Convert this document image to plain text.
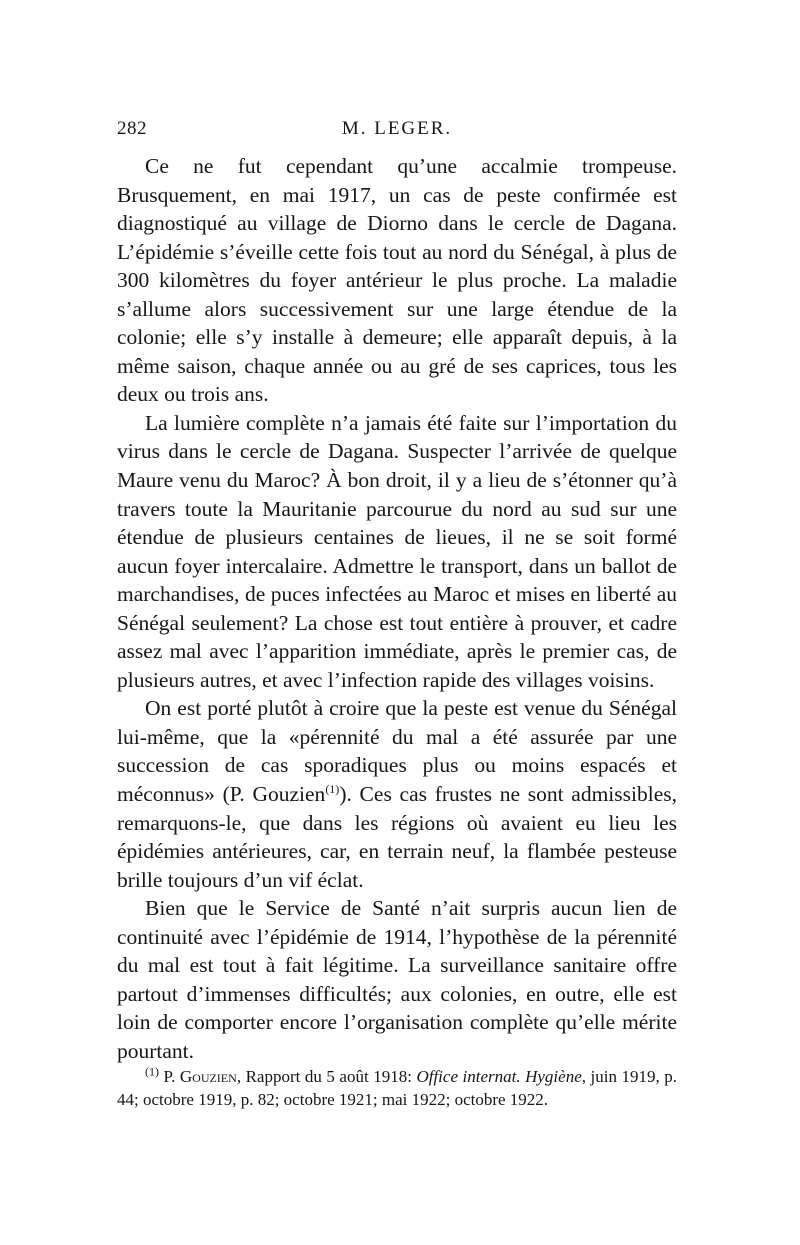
282	M. LEGER.

Ce ne fut cependant qu’une accalmie trompeuse. Brusquement, en mai 1917, un cas de peste confirmée est diagnostiqué au village de Diorno dans le cercle de Dagana. L’épidémie s’éveille cette fois tout au nord du Sénégal, à plus de 300 kilomètres du foyer antérieur le plus proche. La maladie s’allume alors successivement sur une large étendue de la colonie; elle s’y installe à demeure; elle apparaît depuis, à la même saison, chaque année ou au gré de ses caprices, tous les deux ou trois ans.

La lumière complète n’a jamais été faite sur l’importation du virus dans le cercle de Dagana. Suspecter l’arrivée de quelque Maure venu du Maroc? À bon droit, il y a lieu de s’étonner qu’à travers toute la Mauritanie parcourue du nord au sud sur une étendue de plusieurs centaines de lieues, il ne se soit formé aucun foyer intercalaire. Admettre le transport, dans un ballot de marchandises, de puces infectées au Maroc et mises en liberté au Sénégal seulement? La chose est tout entière à prouver, et cadre assez mal avec l’apparition immédiate, après le premier cas, de plusieurs autres, et avec l’infection rapide des villages voisins.

On est porté plutôt à croire que la peste est venue du Sénégal lui-même, que la «pérennité du mal a été assurée par une succession de cas sporadiques plus ou moins espacés et méconnus» (P. Gouzien$^{(1)}$). Ces cas frustes ne sont admissibles, remarquons-le, que dans les régions où avaient eu lieu les épidémies antérieures, car, en terrain neuf, la flambée pesteuse brille toujours d’un vif éclat.

Bien que le Service de Santé n’ait surpris aucun lien de continuité avec l’épidémie de 1914, l’hypothèse de la pérennité du mal est tout à fait légitime. La surveillance sanitaire offre partout d’immenses difficultés; aux colonies, en outre, elle est loin de comporter encore l’organisation complète qu’elle mérite pourtant.

$^{(1)}$ P. Gouzien, Rapport du 5 août 1918: Office internat. Hygiène, juin 1919, p. 44; octobre 1919, p. 82; octobre 1921; mai 1922; octobre 1922.
